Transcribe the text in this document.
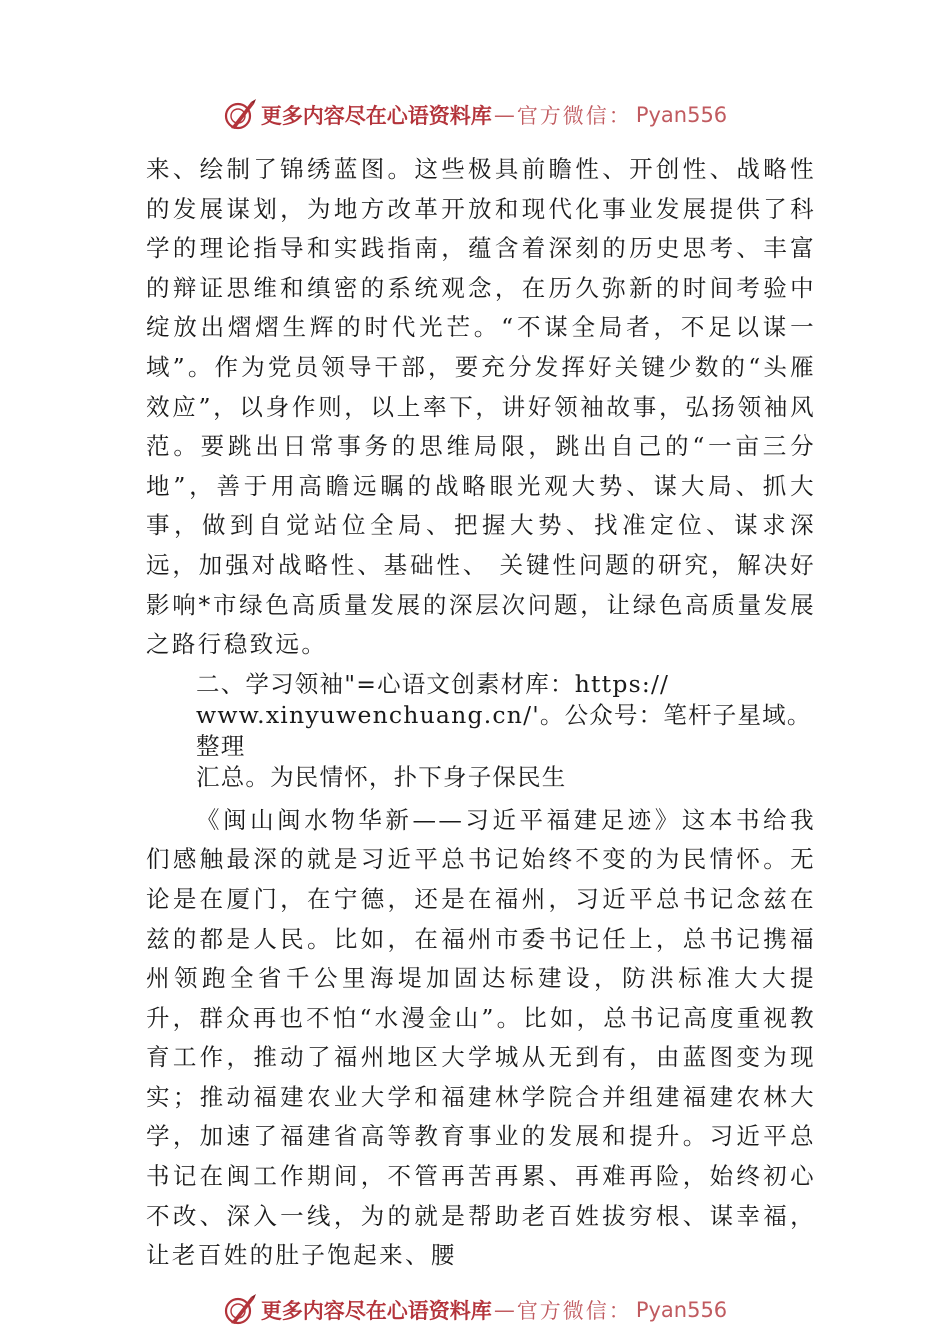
更多内容尽在心语资料库 — 官方微信： Pyan556

来、绘制了锦绣蓝图。这些极具前瞻性、开创性、战略性的发展谋划，为地方改革开放和现代化事业发展提供了科学的理论指导和实践指南，蕴含着深刻的历史思考、丰富的辩证思维和缜密的系统观念，在历久弥新的时间考验中绽放出熠熠生辉的时代光芒。“不谋全局者，不足以谋一域”。作为党员领导干部，要充分发挥好关键少数的“头雁效应”，以身作则，以上率下，讲好领袖故事，弘扬领袖风范。要跳出日常事务的思维局限，跳出自己的“一亩三分地”，善于用高瞻远瞩的战略眼光观大势、谋大局、抓大事，做到自觉站位全局、把握大势、找准定位、谋求深远，加强对战略性、基础性、 关键性问题的研究，解决好影响*市绿色高质量发展的深层次问题，让绿色高质量发展之路行稳致远。

二、学习领袖"=心语文创素材库：https://
www.xinyuwenchuang.cn/'。公众号：笔杆子星域。整理
汇总。为民情怀，扑下身子保民生

《闽山闽水物华新——习近平福建足迹》这本书给我们感触最深的就是习近平总书记始终不变的为民情怀。无论是在厦门，在宁德，还是在福州，习近平总书记念兹在兹的都是人民。比如，在福州市委书记任上，总书记携福州领跑全省千公里海堤加固达标建设，防洪标准大大提升，群众再也不怕“水漫金山”。比如，总书记高度重视教育工作，推动了福州地区大学城从无到有，由蓝图变为现实；推动福建农业大学和福建林学院合并组建福建农林大学，加速了福建省高等教育事业的发展和提升。习近平总书记在闽工作期间，不管再苦再累、再难再险，始终初心不改、深入一线，为的就是帮助老百姓拔穷根、谋幸福，让老百姓的肚子饱起来、腰

更多内容尽在心语资料库 — 官方微信： Pyan556
